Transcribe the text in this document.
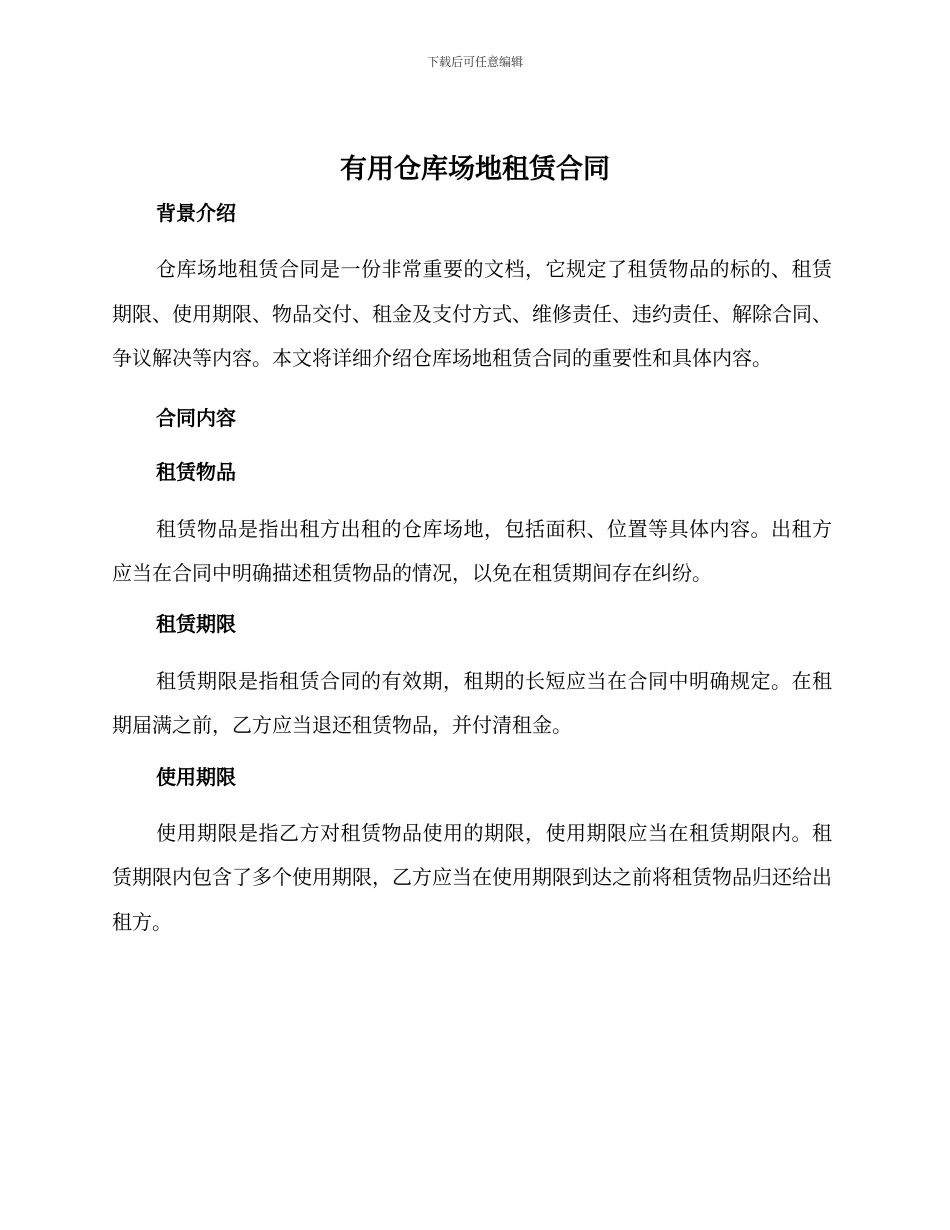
下载后可任意编辑
有用仓库场地租赁合同
背景介绍

仓库场地租赁合同是一份非常重要的文档，它规定了租赁物品的标的、租赁期限、使用期限、物品交付、租金及支付方式、维修责任、违约责任、解除合同、争议解决等内容。本文将详细介绍仓库场地租赁合同的重要性和具体内容。

合同内容
租赁物品

租赁物品是指出租方出租的仓库场地，包括面积、位置等具体内容。出租方应当在合同中明确描述租赁物品的情况，以免在租赁期间存在纠纷。

租赁期限

租赁期限是指租赁合同的有效期，租期的长短应当在合同中明确规定。在租期届满之前，乙方应当退还租赁物品，并付清租金。

使用期限

使用期限是指乙方对租赁物品使用的期限，使用期限应当在租赁期限内。租赁期限内包含了多个使用期限，乙方应当在使用期限到达之前将租赁物品归还给出租方。
